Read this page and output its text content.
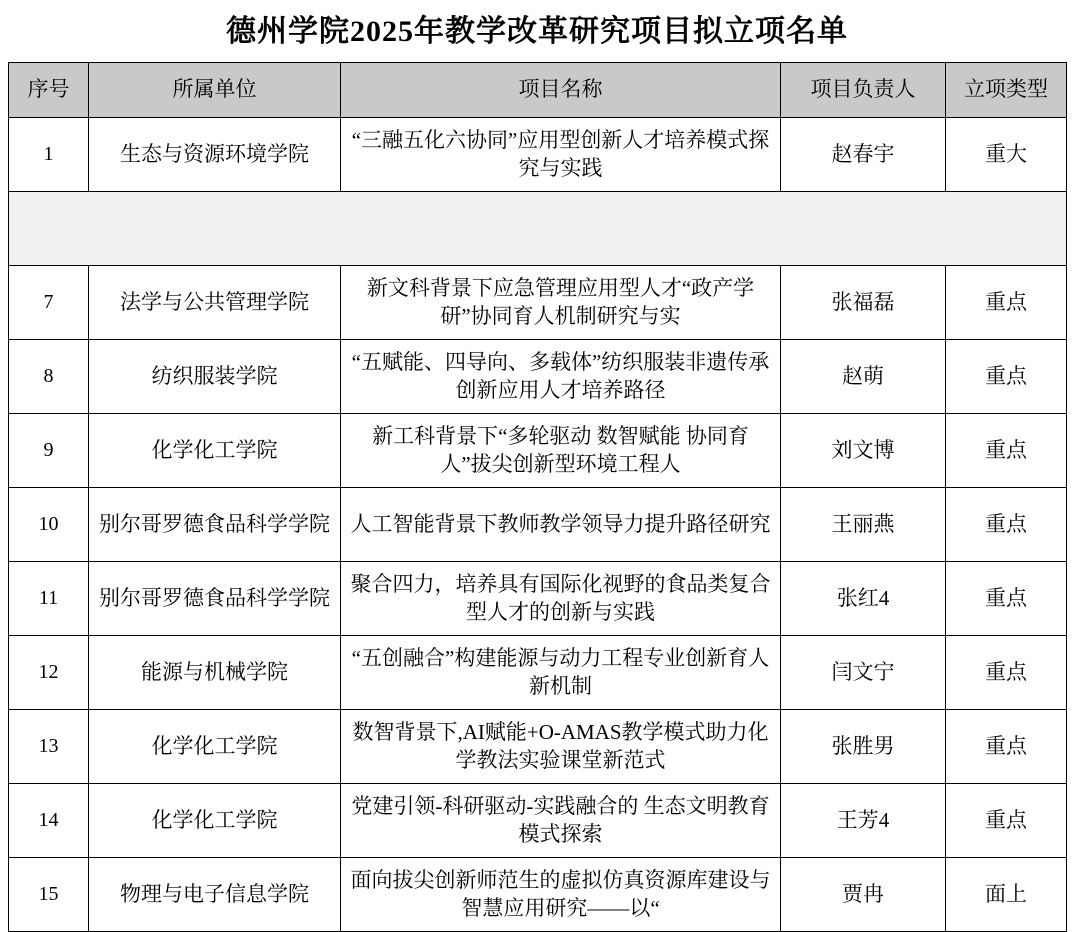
德州学院2025年教学改革研究项目拟立项名单
序号	所属单位	项目名称	项目负责人	立项类型
1	生态与资源环境学院	“三融五化六协同”应用型创新人才培养模式探究与实践	赵春宇	重大

7	法学与公共管理学院	新文科背景下应急管理应用型人才“政产学研”协同育人机制研究与实	张福磊	重点
8	纺织服装学院	“五赋能、四导向、多载体”纺织服装非遗传承创新应用人才培养路径	赵萌	重点
9	化学化工学院	新工科背景下“多轮驱动 数智赋能 协同育人”拔尖创新型环境工程人	刘文博	重点
10	别尔哥罗德食品科学学院	人工智能背景下教师教学领导力提升路径研究	王丽燕	重点
11	别尔哥罗德食品科学学院	聚合四力，培养具有国际化视野的食品类复合型人才的创新与实践	张红4	重点
12	能源与机械学院	“五创融合”构建能源与动力工程专业创新育人新机制	闫文宁	重点
13	化学化工学院	数智背景下,AI赋能+O-AMAS教学模式助力化学教法实验课堂新范式	张胜男	重点
14	化学化工学院	党建引领-科研驱动-实践融合的 生态文明教育模式探索	王芳4	重点
15	物理与电子信息学院	面向拔尖创新师范生的虚拟仿真资源库建设与智慧应用研究——以“	贾冉	面上
